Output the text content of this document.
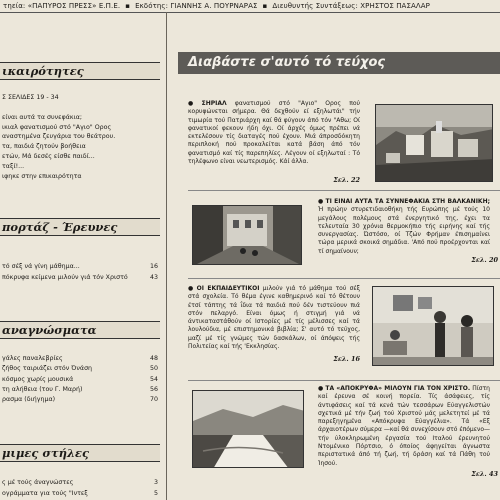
τηεία: «ΠΑΠΥΡΟΣ ΠΡΕΣΣ» Ε.Π.Ε. ▪ Εκδότης: ΓΙΑΝΝΗΣ Α. ΠΟΥΡΝΑΡΑΣ ▪ Διευθυντής Συντάξεως: ΧΡΗΣΤΟΣ ΠΑΣΑΛΑΡ
ικαιρότητες
Σ ΣΕΛΙΔΕΣ 19 - 34
είναι αυτά τα συνεφάκια;
ικιαλ φανατισμού στό "Αγιο" Ορος
αναστημένα ζευγάρια του θεάτρου.
τα, παιδιά ζητούν βοήθεια
ετών, Μά δεσές είσθε παιδί...
ταξί!...
ιφηκε στην επικαιρότητα
πορτάζ - Έρευνες
τό σέξ νά γίνη μάθημα...	16
πόκρυφα κείμενα μιλούν γιά τόν Χριστό	43
αναγνώσματα
γάλες παναλεβρίες	48
ζήθος ταιριάζει στόν Όνάση	50
κόσμος χωρίς μουσικά	54
τη αλήθεια (του Γ. Μαρή)	56
ρασμα (διήγημα)	70
μιμες στήλες
ς μέ τούς άναγνώστες	3
ογράμματα για τούς "Ιντεξ	5
Διαβάστε σ'αυτό τό τεύχος
● ΣΗΡΙΑΛ φανατισμού στό "Αγιο" Ορος πού κορυφώνεται σήμερα. Θά δεχθούν εί εξηλωτάι" τήν τιμωρία τού Πατριάρχη καί θά φύγουν άπό τόν "Αθω; Οί φανατικοί φεκουν ήδη όχι. Οί άρχές όμως πρέπει νά εκτελέσουν τίς διαταγές πού έχουν. Μιά άπροσδόκητη περιπλοκή πού προκαλείται κατά βάση άπό τόν φανατισμό καί τίς παρεπηλίες. Λέγουν οί εξηλωταί : Τό τηλέφωνο είναι νεωτερισμός. Κάί άλλα.
Σελ. 22
● ΤΙ ΕΙΝΑΙ ΑΥΤΑ ΤΑ ΣΥΝΝΕΦΑΚΙΑ ΣΤΗ ΒΑΛΚΑΝΙΚΗ; Ή πρώην στυρετιδαιοθήκη τής Ευρώπης μέ τούς 10 μεγάλους πολέμους στά ένεργητικό της, έχει τα τελευταία 30 χρόνια θερμοκήπιο τής ειρήνης καί τής συνεργασίας. Ώστόσο, οί Τζών Φρήμαν έπισημαίνει τώρα μερικά σκοικά σημάδια. 'Από πού προέρχονται καί τί σημαίνουν;
Σελ. 20
● ΟΙ ΕΚΠΑΙΔΕΥΤΙΚΟΙ μιλούν γιά τό μάθημα τού σέξ στά σχολεία. Τό θέμα έγινε καθημερινό καί τό θέτουν έτσί τάπτης τά ΐδια τά παιδιά πού δέν τιστεύουν πιά στόν πελαργό. Είναι όμως ή στιγμή γιά νά άντικαταστάθούν οί Ιστορίες μέ τίς μέλισσες καί τά λουλούδια, μέ επιστημονικά βιβλία; Σ' αυτό τό τεύχος, μαζί μέ τίς γνώμες τών δασκάλων, οί άπόψεις τής Πολιτείας καί τής 'Εκκλησίας.
Σελ. 16
● ΤΑ «ΑΠΟΚΡΥΦΑ» ΜΙΛΟΥΝ ΓΙΑ ΤΟΝ ΧΡΙΣΤΟ. Πίστη καί έρευνα σέ κοινή πορεία. Τίς άσάφειες, τίς άντιφάσεις καί τά κενά τών τεσσάρων Εύαγγελιστών σχετικά μέ τήν ζωή τού Χριστού μάς μελετητεί μέ τά παρεξηγημένα «Απόκρυφα Εύαγγέλια». Τά «Εξ άρχαιοτέρων σύμερα —καί θά συνεχίσουν στό έπόμενο— τήν ύλοκληρωμένη έργασία τού Ιταλού έρευνητού Ντομένικο Πόρτσιο, ό όποίος άφηγείται άγνωστα περιστατικά άπό τή ζωή, τή δράση καί τά Πάθη τού Ίησού.
Σελ. 43
